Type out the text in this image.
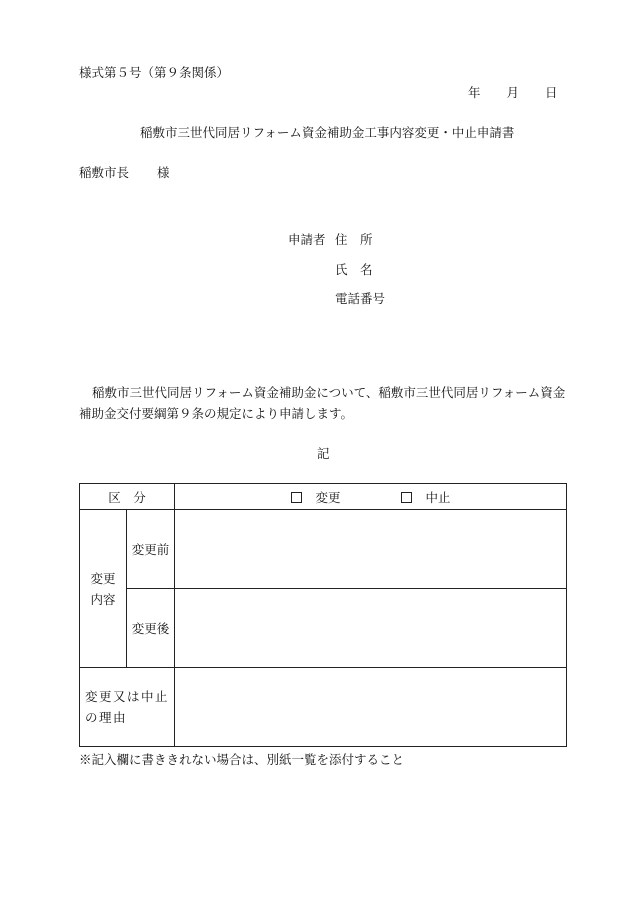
様式第５号（第９条関係）
年 月 日
稲敷市三世代同居リフォーム資金補助金工事内容変更・中止申請書
稲敷市長 様
申請者 住　所
氏　名
電話番号
稲敷市三世代同居リフォーム資金補助金について、稲敷市三世代同居リフォーム資金補助金交付要綱第９条の規定により申請します。
記
区　分		変更 中止
変更
内容	変更前	
	変更後	
変更又は中止
の理由		
※記入欄に書ききれない場合は、別紙一覧を添付すること
